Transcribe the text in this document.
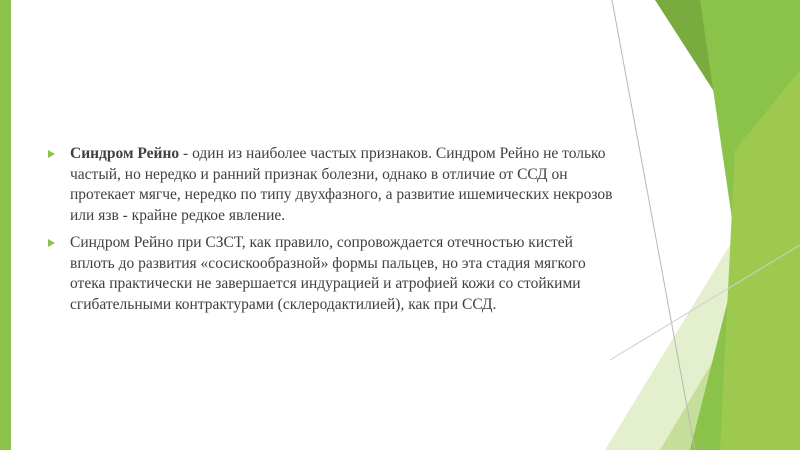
Синдром Рейно - один из наиболее частых признаков. Синдром Рейно не только частый, но нередко и ранний признак болезни, однако в отличие от ССД он протекает мягче, нередко по типу двухфазного, а развитие ишемических некрозов или язв - крайне редкое явление.

Синдром Рейно при СЗСТ, как правило, сопровождается отечностью кистей вплоть до развития «сосискообразной» формы пальцев, но эта стадия мягкого отека практически не завершается индурацией и атрофией кожи со стойкими сгибательными контрактурами (склеродактилией), как при ССД.
